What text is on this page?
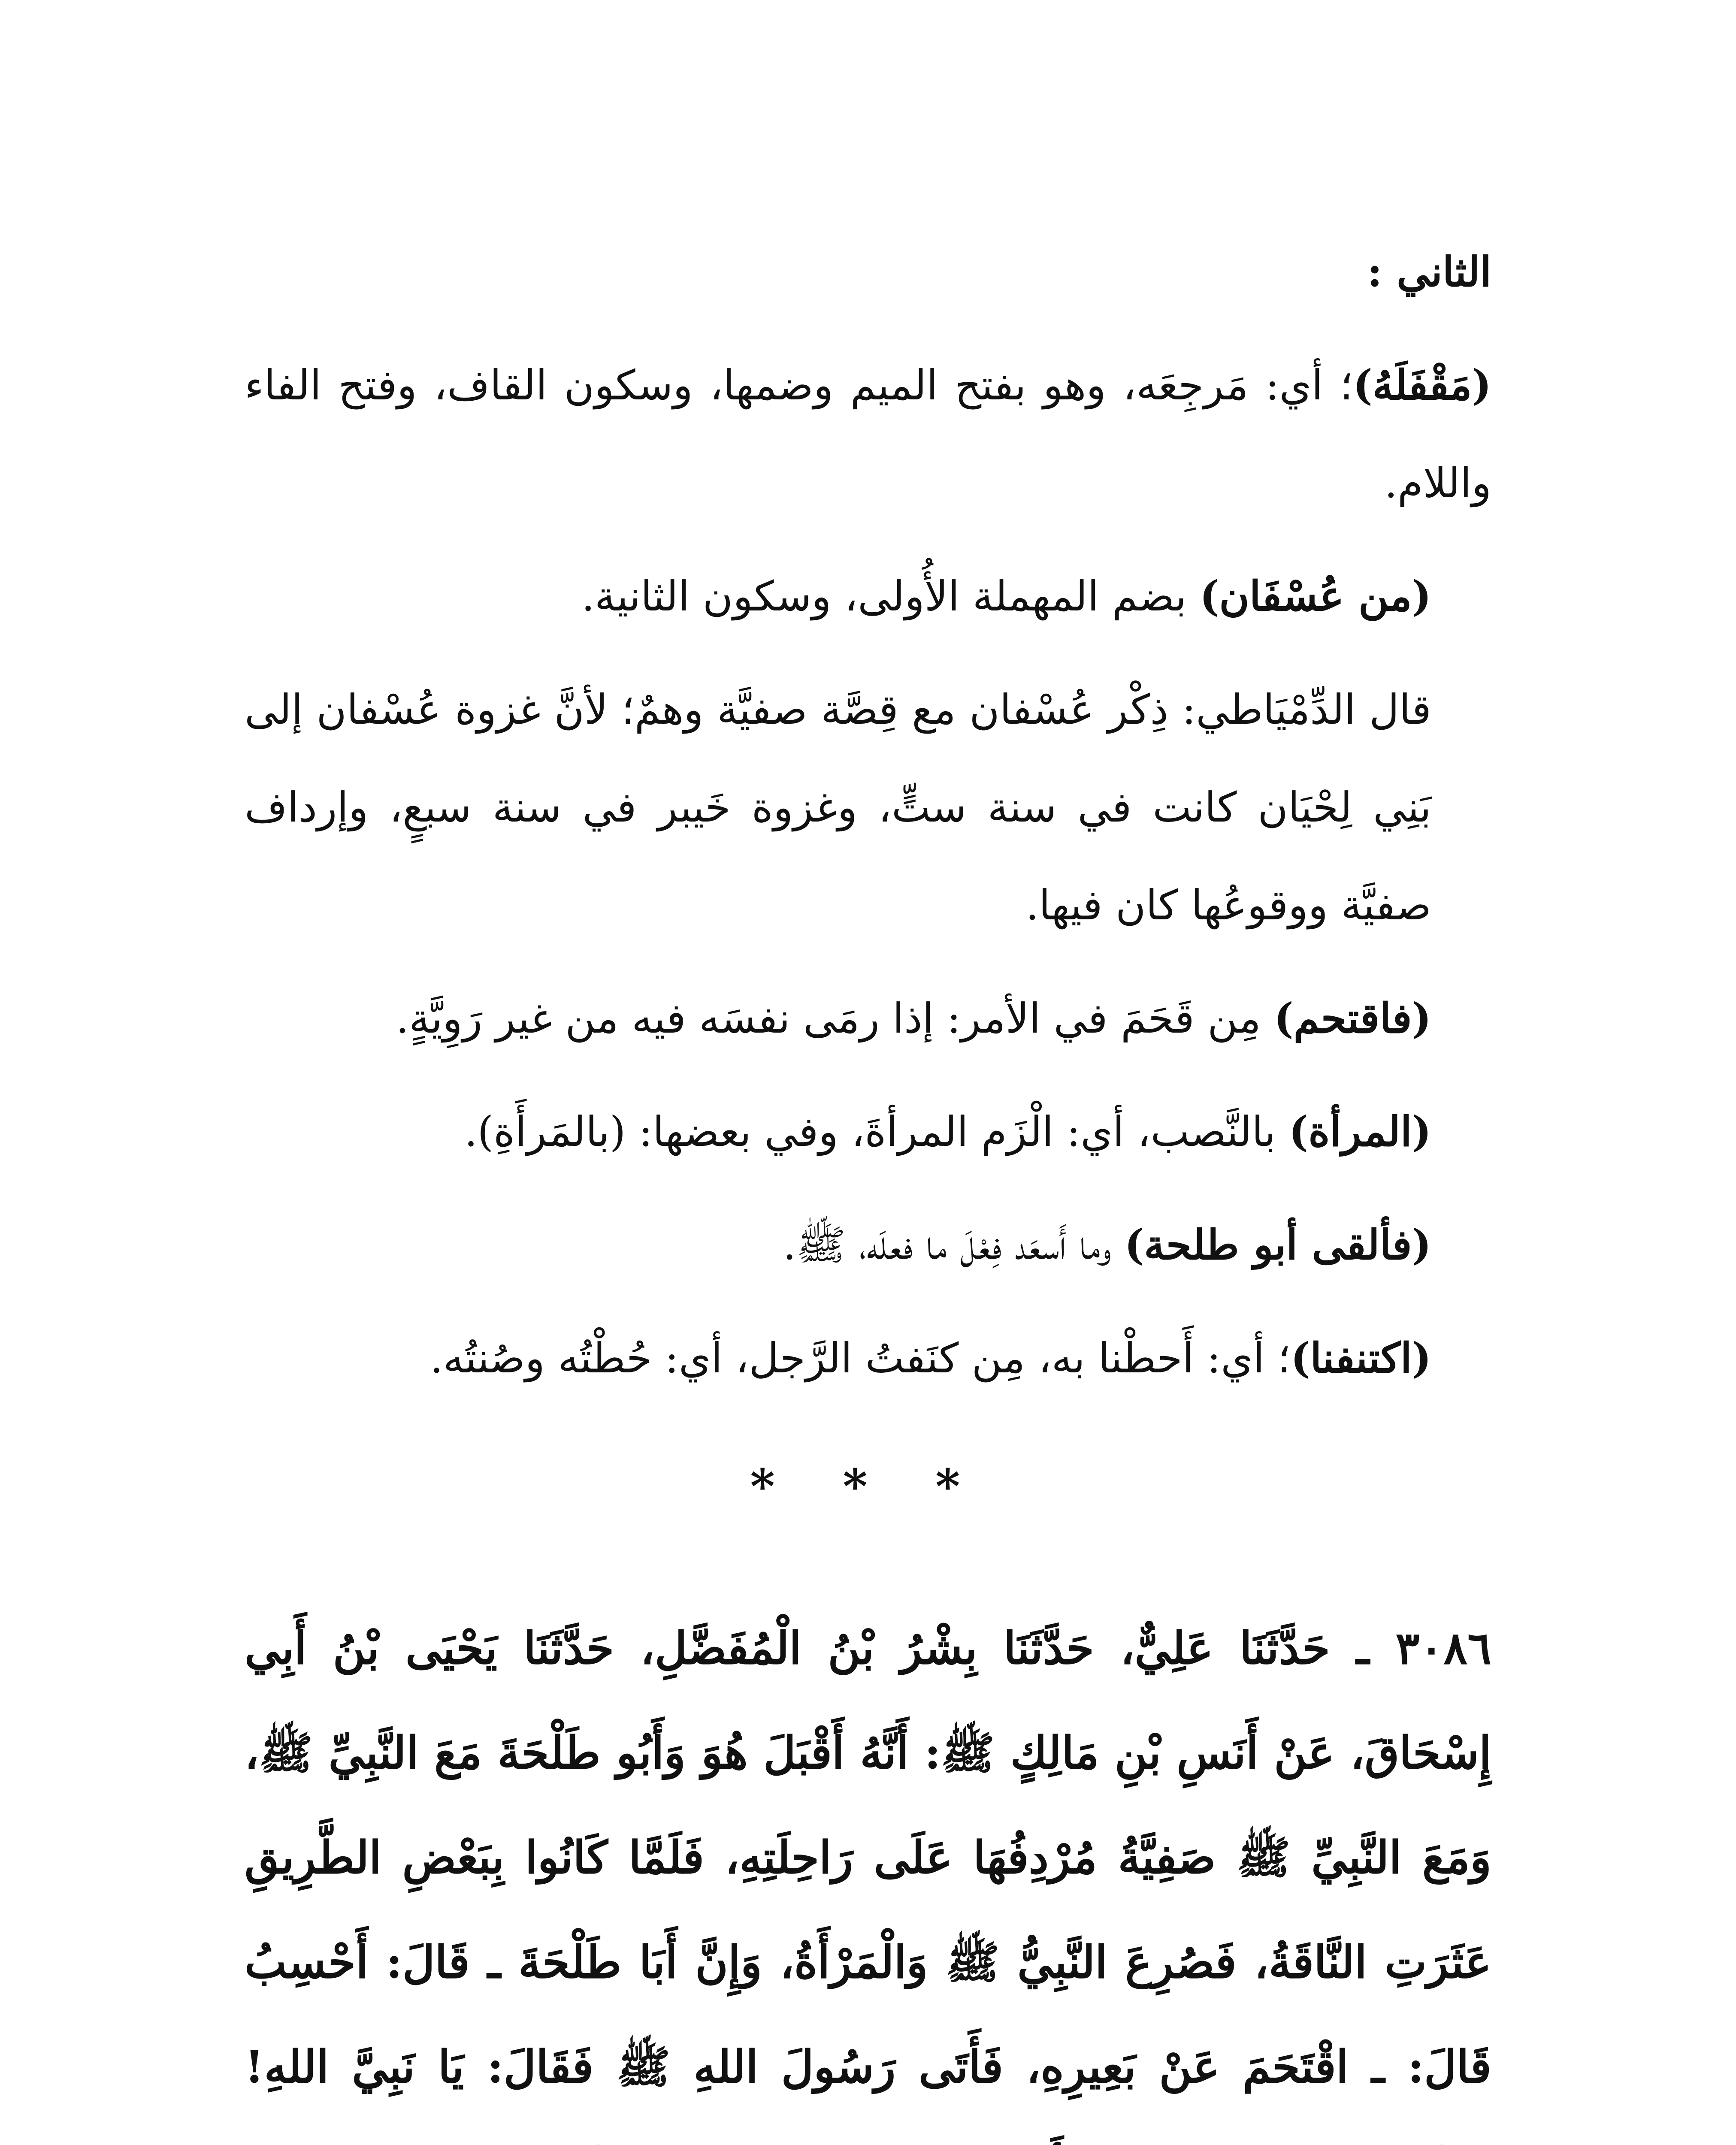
الثاني :

(مَقْفَلَهُ)؛ أي: مَرجِعَه، وهو بفتح الميم وضمها، وسكون القاف، وفتح الفاء واللام.

(من عُسْفَان) بضم المهملة الأُولى، وسكون الثانية.

قال الدِّمْيَاطي: ذِكْر عُسْفان مع قِصَّة صفيَّة وهمٌ؛ لأنَّ غزوة عُسْفان إلى بَنِي لِحْيَان كانت في سنة ستٍّ، وغزوة خَيبر في سنة سبعٍ، وإرداف صفيَّة ووقوعُها كان فيها.

(فاقتحم) مِن قَحَمَ في الأمر: إذا رمَى نفسَه فيه من غير رَوِيَّةٍ.

(المرأة) بالنَّصب، أي: الْزَم المرأةَ، وفي بعضها: (بالمَرأَةِ).

(فألقى أبو طلحة) وما أَسعَد فِعْلَ ما فعلَه، ﷺ.

(اكتنفنا)؛ أي: أَحطْنا به، مِن كنَفتُ الرَّجل، أي: حُطْتُه وصُنتُه.

* * *

٣٠٨٦ ـ حَدَّثَنَا عَلِيٌّ، حَدَّثَنَا بِشْرُ بْنُ الْمُفَضَّلِ، حَدَّثَنَا يَحْيَى بْنُ أَبِي إِسْحَاقَ، عَنْ أَنَسِ بْنِ مَالِكٍ ﷺ: أَنَّهُ أَقْبَلَ هُوَ وَأَبُو طَلْحَةَ مَعَ النَّبِيِّ ﷺ، وَمَعَ النَّبِيِّ ﷺ صَفِيَّةُ مُرْدِفُهَا عَلَى رَاحِلَتِهِ، فَلَمَّا كَانُوا بِبَعْضِ الطَّرِيقِ عَثَرَتِ النَّاقَةُ، فَصُرِعَ النَّبِيُّ ﷺ وَالْمَرْأَةُ، وَإِنَّ أَبَا طَلْحَةَ ـ قَالَ: أَحْسِبُ قَالَ: ـ اقْتَحَمَ عَنْ بَعِيرِهِ، فَأَتَى رَسُولَ اللهِ ﷺ فَقَالَ: يَا نَبِيَّ اللهِ!
